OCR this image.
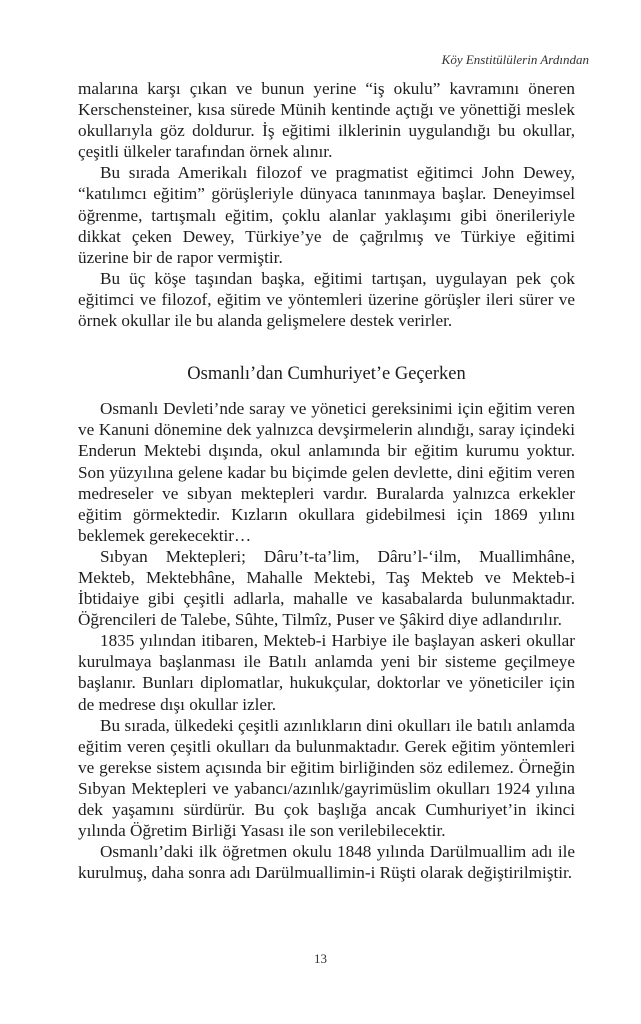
Köy Enstitülülerin Ardından

malarına karşı çıkan ve bunun yerine “iş okulu” kavramını öneren Kerschensteiner, kısa sürede Münih kentinde açtığı ve yönettiği meslek okullarıyla göz doldurur. İş eğitimi ilklerinin uygulandığı bu okullar, çeşitli ülkeler tarafından örnek alınır.

Bu sırada Amerikalı filozof ve pragmatist eğitimci John Dewey, “katılımcı eğitim” görüşleriyle dünyaca tanınmaya başlar. Deneyimsel öğrenme, tartışmalı eğitim, çoklu alanlar yaklaşımı gibi önerileriyle dikkat çeken Dewey, Türkiye’ye de çağrılmış ve Türkiye eğitimi üzerine bir de rapor vermiştir.

Bu üç köşe taşından başka, eğitimi tartışan, uygulayan pek çok eğitimci ve filozof, eğitim ve yöntemleri üzerine görüşler ileri sürer ve örnek okullar ile bu alanda gelişmelere destek verirler.

Osmanlı’dan Cumhuriyet’e Geçerken

Osmanlı Devleti’nde saray ve yönetici gereksinimi için eğitim veren ve Kanuni dönemine dek yalnızca devşirmelerin alındığı, saray içindeki Enderun Mektebi dışında, okul anlamında bir eğitim kurumu yoktur. Son yüzyılına gelene kadar bu biçimde gelen devlette, dini eğitim veren medreseler ve sıbyan mektepleri vardır. Buralarda yalnızca erkekler eğitim görmektedir. Kızların okullara gidebilmesi için 1869 yılını beklemek gerekecektir…

Sıbyan Mektepleri; Dâru’t-ta’lim, Dâru’l-‘ilm, Muallimhâne, Mekteb, Mektebhâne, Mahalle Mektebi, Taş Mekteb ve Mekteb-i İbtidaiye gibi çeşitli adlarla, mahalle ve kasabalarda bulunmaktadır. Öğrencileri de Talebe, Sûhte, Tilmîz, Puser ve Şâkird diye adlandırılır.

1835 yılından itibaren, Mekteb-i Harbiye ile başlayan askeri okullar kurulmaya başlanması ile Batılı anlamda yeni bir sisteme geçilmeye başlanır. Bunları diplomatlar, hukukçular, doktorlar ve yöneticiler için de medrese dışı okullar izler.

Bu sırada, ülkedeki çeşitli azınlıkların dini okulları ile batılı anlamda eğitim veren çeşitli okulları da bulunmaktadır. Gerek eğitim yöntemleri ve gerekse sistem açısında bir eğitim birliğinden söz edilemez. Örneğin Sıbyan Mektepleri ve yabancı/azınlık/gayrimüslim okulları 1924 yılına dek yaşamını sürdürür. Bu çok başlığa ancak Cumhuriyet’in ikinci yılında Öğretim Birliği Yasası ile son verilebilecektir.

Osmanlı’daki ilk öğretmen okulu 1848 yılında Darülmuallim adı ile kurulmuş, daha sonra adı Darülmuallimin-i Rüşti olarak değiştirilmiştir.

13
